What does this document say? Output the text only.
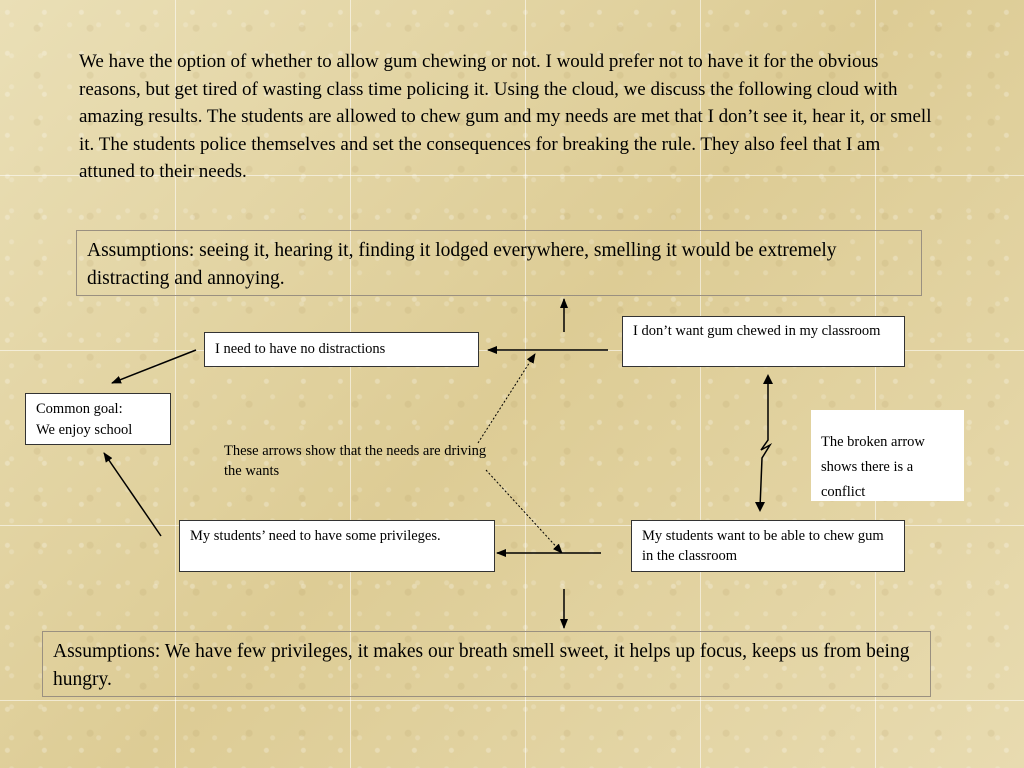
We have the option of whether to allow gum chewing or not. I would prefer not to have it for the obvious reasons, but get tired of wasting class time policing it. Using the cloud, we discuss the following cloud with amazing results. The students are allowed to chew gum and my needs are met that I don’t see it, hear it, or smell it. The students police themselves and set the consequences for breaking the rule. They also feel that I am attuned to their needs.
Assumptions: seeing it, hearing it, finding it lodged everywhere, smelling it would be extremely distracting and annoying.
Common goal:
We enjoy school
I need to have no distractions
I don’t want gum chewed in my classroom
My students’ need to have some privileges.	My students want to be able to chew gum in the classroom
These arrows show that the needs are driving the wants
The broken arrow shows there is a conflict
Assumptions: We have few privileges, it makes our breath smell sweet, it helps up focus, keeps us from being hungry.
